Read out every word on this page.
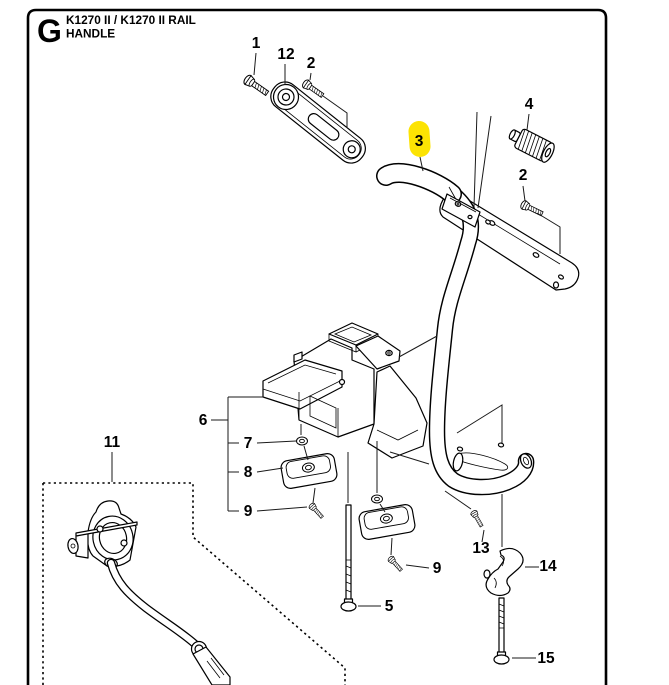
G K1270 II / K1270 II RAIL
HANDLE
1
12
2
3
4
2
6
7
8
9
11
5
9
13
14
15
